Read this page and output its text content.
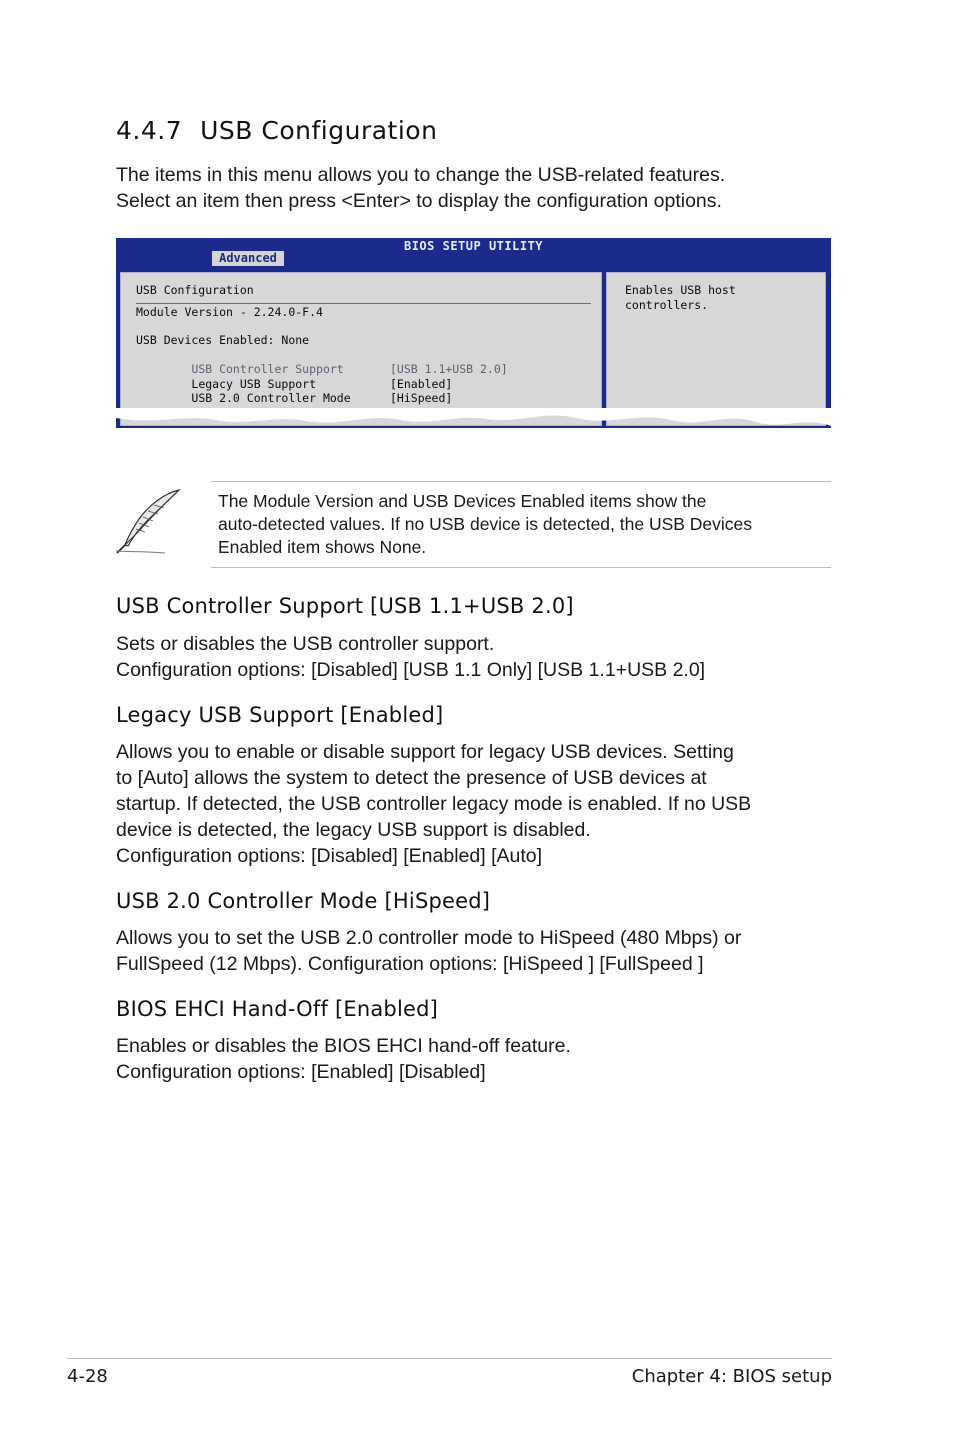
4.4.7 USB Configuration

The items in this menu allows you to change the USB-related features.

Select an item then press <Enter> to display the configuration options.

BIOS SETUP UTILITY
Advanced
USB Configuration
Module Version - 2.24.0-F.4
USB Devices Enabled: None

USB Controller Support

	[USB 1.1+USB 2.0]

Legacy USB Support

	[Enabled]

USB 2.0 Controller Mode

	[HiSpeed]

Enables USB host
controllers.

The Module Version and USB Devices Enabled items show the

auto-detected values. If no USB device is detected, the USB Devices

Enabled item shows None.

USB Controller Support [USB 1.1+USB 2.0]

Sets or disables the USB controller support.

Configuration options: [Disabled] [USB 1.1 Only] [USB 1.1+USB 2.0]

Legacy USB Support [Enabled]

Allows you to enable or disable support for legacy USB devices. Setting

to [Auto] allows the system to detect the presence of USB devices at

startup. If detected, the USB controller legacy mode is enabled. If no USB

device is detected, the legacy USB support is disabled.

Configuration options: [Disabled] [Enabled] [Auto]

USB 2.0 Controller Mode [HiSpeed]

Allows you to set the USB 2.0 controller mode to HiSpeed (480 Mbps) or

FullSpeed (12 Mbps). Configuration options: [HiSpeed ] [FullSpeed ]

BIOS EHCI Hand-Off [Enabled]

Enables or disables the BIOS EHCI hand-off feature.

Configuration options: [Enabled] [Disabled]

4-28	Chapter 4: BIOS setup
